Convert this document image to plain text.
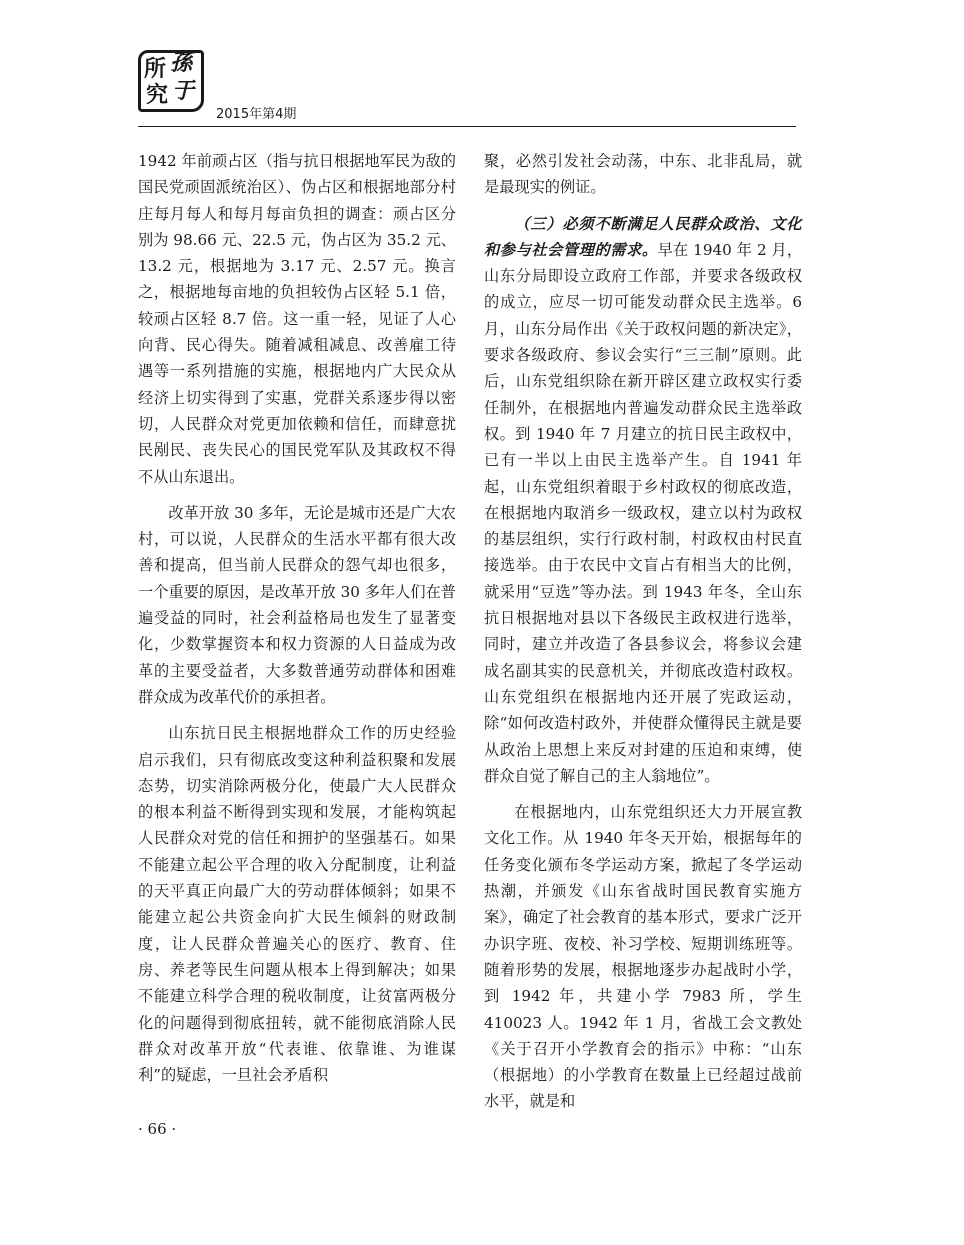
所 孫
于
究
2015年第4期

1942 年前顽占区（指与抗日根据地军民为敌的国民党顽固派统治区）、伪占区和根据地部分村庄每月每人和每月每亩负担的调查：顽占区分别为 98.66 元、22.5 元，伪占区为 35.2 元、13.2 元，根据地为 3.17 元、2.57 元。换言之，根据地每亩地的负担较伪占区轻 5.1 倍，较顽占区轻 8.7 倍。这一重一轻，见证了人心向背、民心得失。随着减租减息、改善雇工待遇等一系列措施的实施，根据地内广大民众从经济上切实得到了实惠，党群关系逐步得以密切，人民群众对党更加依赖和信任，而肆意扰民剐民、丧失民心的国民党军队及其政权不得不从山东退出。

改革开放 30 多年，无论是城市还是广大农村，可以说，人民群众的生活水平都有很大改善和提高，但当前人民群众的怨气却也很多，一个重要的原因，是改革开放 30 多年人们在普遍受益的同时，社会利益格局也发生了显著变化，少数掌握资本和权力资源的人日益成为改革的主要受益者，大多数普通劳动群体和困难群众成为改革代价的承担者。

山东抗日民主根据地群众工作的历史经验启示我们，只有彻底改变这种利益积聚和发展态势，切实消除两极分化，使最广大人民群众的根本利益不断得到实现和发展，才能构筑起人民群众对党的信任和拥护的坚强基石。如果不能建立起公平合理的收入分配制度，让利益的天平真正向最广大的劳动群体倾斜；如果不能建立起公共资金向扩大民生倾斜的财政制度，让人民群众普遍关心的医疗、教育、住房、养老等民生问题从根本上得到解决；如果不能建立科学合理的税收制度，让贫富两极分化的问题得到彻底扭转，就不能彻底消除人民群众对改革开放“代表谁、依靠谁、为谁谋利”的疑虑，一旦社会矛盾积

聚，必然引发社会动荡，中东、北非乱局，就是最现实的例证。

（三）必须不断满足人民群众政治、文化和参与社会管理的需求。早在 1940 年 2 月，山东分局即设立政府工作部，并要求各级政权的成立，应尽一切可能发动群众民主选举。6 月，山东分局作出《关于政权问题的新决定》，要求各级政府、参议会实行“三三制”原则。此后，山东党组织除在新开辟区建立政权实行委任制外，在根据地内普遍发动群众民主选举政权。到 1940 年 7 月建立的抗日民主政权中，已有一半以上由民主选举产生。自 1941 年起，山东党组织着眼于乡村政权的彻底改造，在根据地内取消乡一级政权，建立以村为政权的基层组织，实行行政村制，村政权由村民直接选举。由于农民中文盲占有相当大的比例，就采用“豆选”等办法。到 1943 年冬，全山东抗日根据地对县以下各级民主政权进行选举，同时，建立并改造了各县参议会，将参议会建成名副其实的民意机关，并彻底改造村政权。山东党组织在根据地内还开展了宪政运动，除“如何改造村政外，并使群众懂得民主就是要从政治上思想上来反对封建的压迫和束缚，使群众自觉了解自己的主人翁地位”。

在根据地内，山东党组织还大力开展宣教文化工作。从 1940 年冬天开始，根据每年的任务变化颁布冬学运动方案，掀起了冬学运动热潮，并颁发《山东省战时国民教育实施方案》，确定了社会教育的基本形式，要求广泛开办识字班、夜校、补习学校、短期训练班等。随着形势的发展，根据地逐步办起战时小学，到 1942 年，共建小学 7983 所，学生 410023 人。1942 年 1 月，省战工会文教处《关于召开小学教育会的指示》中称：“山东（根据地）的小学教育在数量上已经超过战前水平，就是和

· 66 ·
